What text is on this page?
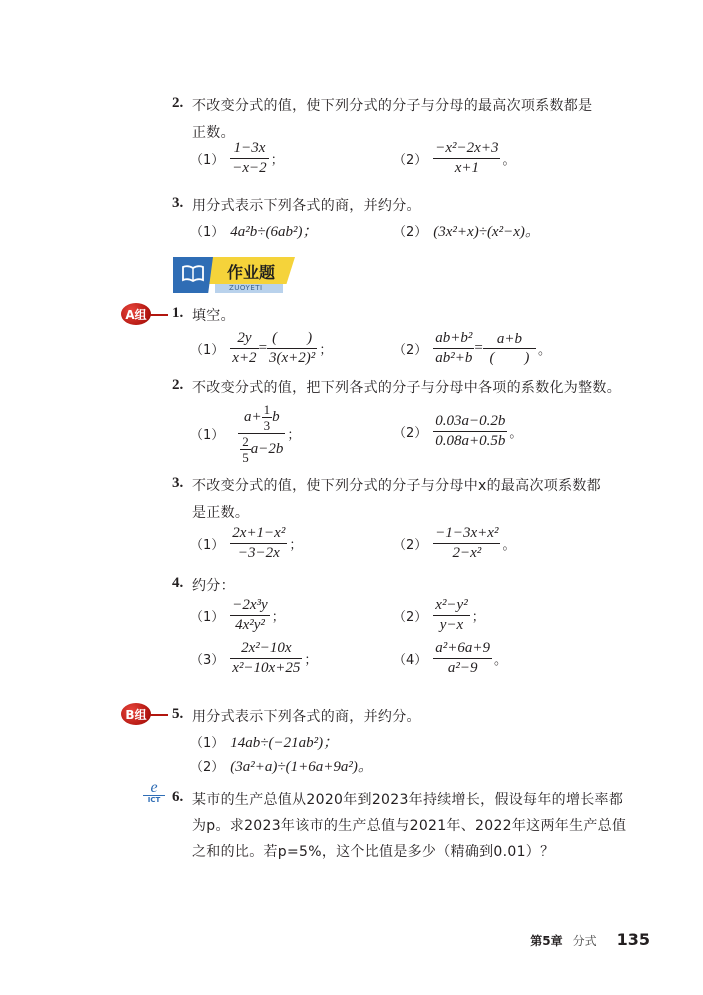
2. 不改变分式的值，使下列分式的分子与分母的最高次项系数都是
正数。
$(1) \frac{1-3x}{-x-2}$ ；	$(2) \frac{\text{−x²−2x+3}}{x+1}$ 。
3. 用分式表示下列各式的商，并约分。
（1） 4a²b÷(6ab²)；	（2） (3x²+x)÷(x²−x)。
作业题
ZUOYETI
A组 1. 填空。
$(1) \frac{2y}{x+2} = \frac{( )}{\text{3(x+2)²}}$ ；	$(2) \frac{\text{ab+b²}}{\text{ab²+b}} = \frac{a+b}{( )}$ 。
2. 不改变分式的值，把下列各式的分子与分母中各项的系数化为整数。
$(1) \frac{a+ \frac{1}{3} b}{\frac{2}{5} a-2b}$ ；	$(2) \frac{0.03a-0.2b}{0.08a+0.5b}$ 。
3. 不改变分式的值，使下列分式的分子与分母中x的最高次项系数都
是正数。
$(1) \frac{\text{2x+1−x²}}{-3-2x}$ ；	$(2) \frac{\text{−1−3x+x²}}{\text{2−x²}}$ 。
4. 约分：
$(1) \frac{\text{−2x³y}}{\text{4x²y²}}$ ；	$(2) \frac{\text{x²−y²}}{y-x}$ ；
$(3) \frac{\text{2x²−10x}}{\text{x²−10x+25}}$ ；	$(4) \frac{\text{a²+6a+9}}{\text{a²−9}}$ 。
B组 5. 用分式表示下列各式的商，并约分。
（1） 14ab÷(−21ab²)；
（2） (3a²+a)÷(1+6a+9a²)。
e
ICT 6. 某市的生产总值从2020年到2023年持续增长，假设每年的增长率都
为p。求2023年该市的生产总值与2021年、2022年这两年生产总值
之和的比。若p=5%，这个比值是多少（精确到0.01）？
第5章 分式 135
